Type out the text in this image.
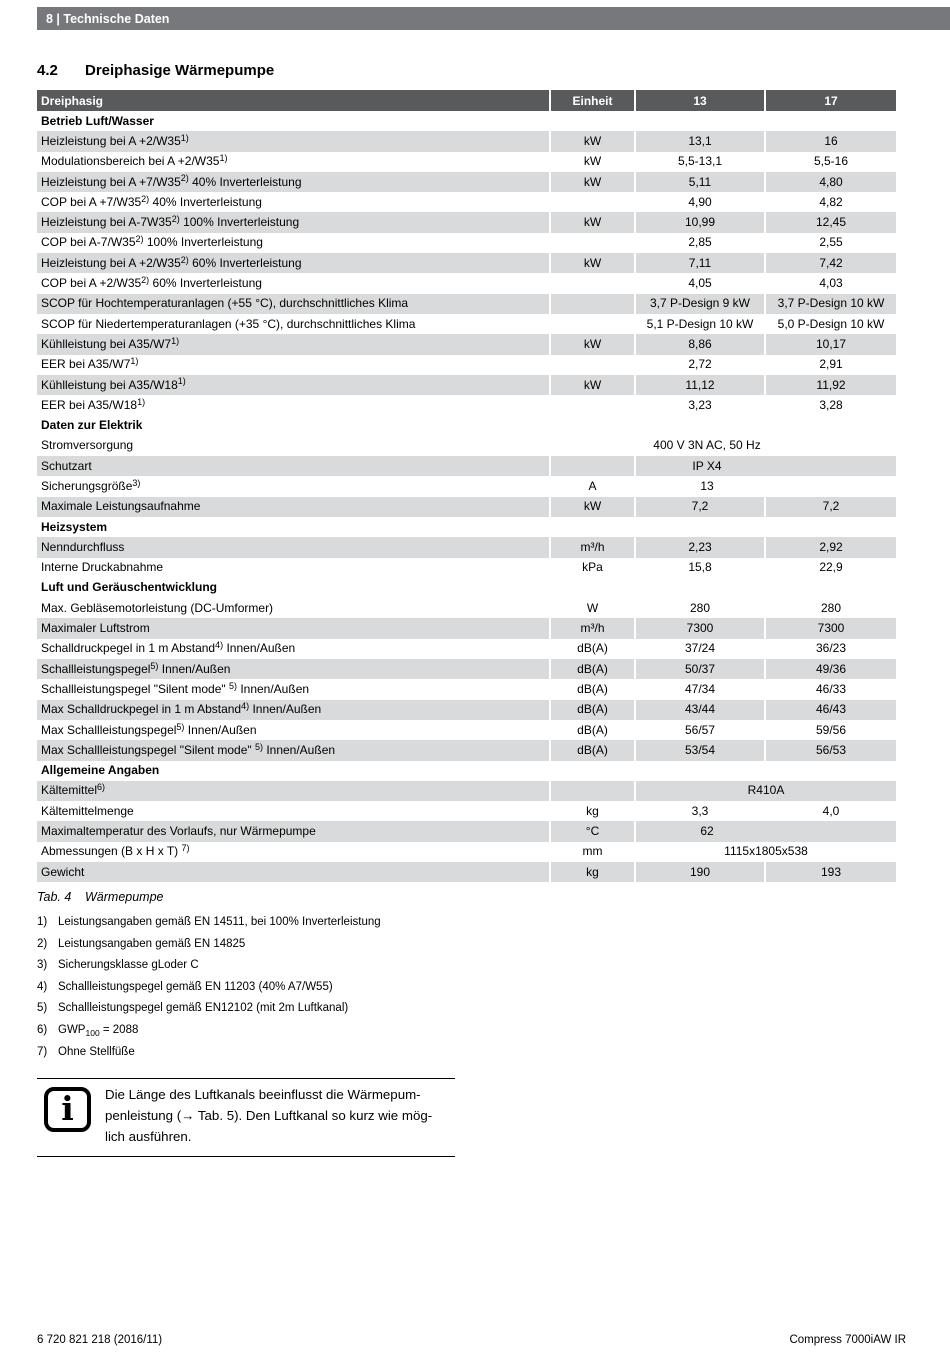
8 | Technische Daten
4.2 Dreiphasige Wärmepumpe
Dreiphasig	Einheit	13	17
Betrieb Luft/Wasser			
Heizleistung bei $A +2/W35^{1)}$	kW	13,1	16
Modulationsbereich bei $A +2/W35^{1)}$	kW	5,5-13,1	5,5-16
Heizleistung bei $A +7/W35^{2)}$ 40% Inverterleistung	kW	5,11	4,80
COP bei $A +7/W35^{2)}$ 40% Inverterleistung		4,90	4,82
Heizleistung bei A-7W35$^{2)}$ 100% Inverterleistung	kW	10,99	12,45
COP bei A-7/W35$^{2)}$ 100% Inverterleistung		2,85	2,55
Heizleistung bei $A +2/W35^{2)}$ 60% Inverterleistung	kW	7,11	7,42
COP bei $A +2/W35^{2)}$ 60% Inverterleistung		4,05	4,03
SCOP für Hochtemperaturanlagen (+55 °C), durchschnittliches Klima		3,7 P-Design 9 kW	3,7 P-Design 10 kW
SCOP für Niedertemperaturanlagen (+35 °C), durchschnittliches Klima		5,1 P-Design 10 kW	5,0 P-Design 10 kW
Kühlleistung bei A35/W7$^{1)}$	kW	8,86	10,17
EER bei A35/W7$^{1)}$		2,72	2,91
Kühlleistung bei A35/W18$^{1)}$	kW	11,12	11,92
EER bei A35/W18$^{1)}$		3,23	3,28
Daten zur Elektrik			
Stromversorgung		400 V 3N AC, 50 Hz	
Schutzart		IP X4	
Sicherungsgröße$^{3)}$	A	13	
Maximale Leistungsaufnahme	kW	7,2	7,2
Heizsystem			
Nenndurchfluss	m³/h	2,23	2,92
Interne Druckabnahme	kPa	15,8	22,9
Luft und Geräuschentwicklung			
Max. Gebläsemotorleistung (DC-Umformer)	W	280	280
Maximaler Luftstrom	m³/h	7300	7300
Schalldruckpegel in 1 m Abstand$^{4)}$ Innen/Außen	dB(A)	37/24	36/23
Schallleistungspegel$^{5)}$ Innen/Außen	dB(A)	50/37	49/36
Schallleistungspegel "Silent mode" $^{5)}$ Innen/Außen	dB(A)	47/34	46/33
Max Schalldruckpegel in 1 m Abstand$^{4)}$ Innen/Außen	dB(A)	43/44	46/43
Max Schallleistungspegel$^{5)}$ Innen/Außen	dB(A)	56/57	59/56
Max Schallleistungspegel "Silent mode" $^{5)}$ Innen/Außen	dB(A)	53/54	56/53
Allgemeine Angaben			
Kältemittel$^{6)}$		R410A	
Kältemittelmenge	kg	3,3	4,0
Maximaltemperatur des Vorlaufs, nur Wärmepumpe	°C	62	
Abmessungen (B x H x T) $^{7)}$	mm	1115x1805x538	
Gewicht	kg	190	193
Tab. 4 Wärmepumpe
1) Leistungsangaben gemäß EN 14511, bei 100% Inverterleistung
2) Leistungsangaben gemäß EN 14825
3) Sicherungsklasse gLoder C
4) Schallleistungspegel gemäß EN 11203 (40% A7/W55)
5) Schallleistungspegel gemäß EN12102 (mit 2m Luftkanal)
6) $GWP_{100} = 2088$
7) Ohne Stellfüße
i Die Länge des Luftkanals beeinflusst die Wärmepum-
penleistung (→ Tab. 5). Den Luftkanal so kurz wie mög-
lich ausführen.
6 720 821 218 (2016/11)	Compress 7000iAW IR
